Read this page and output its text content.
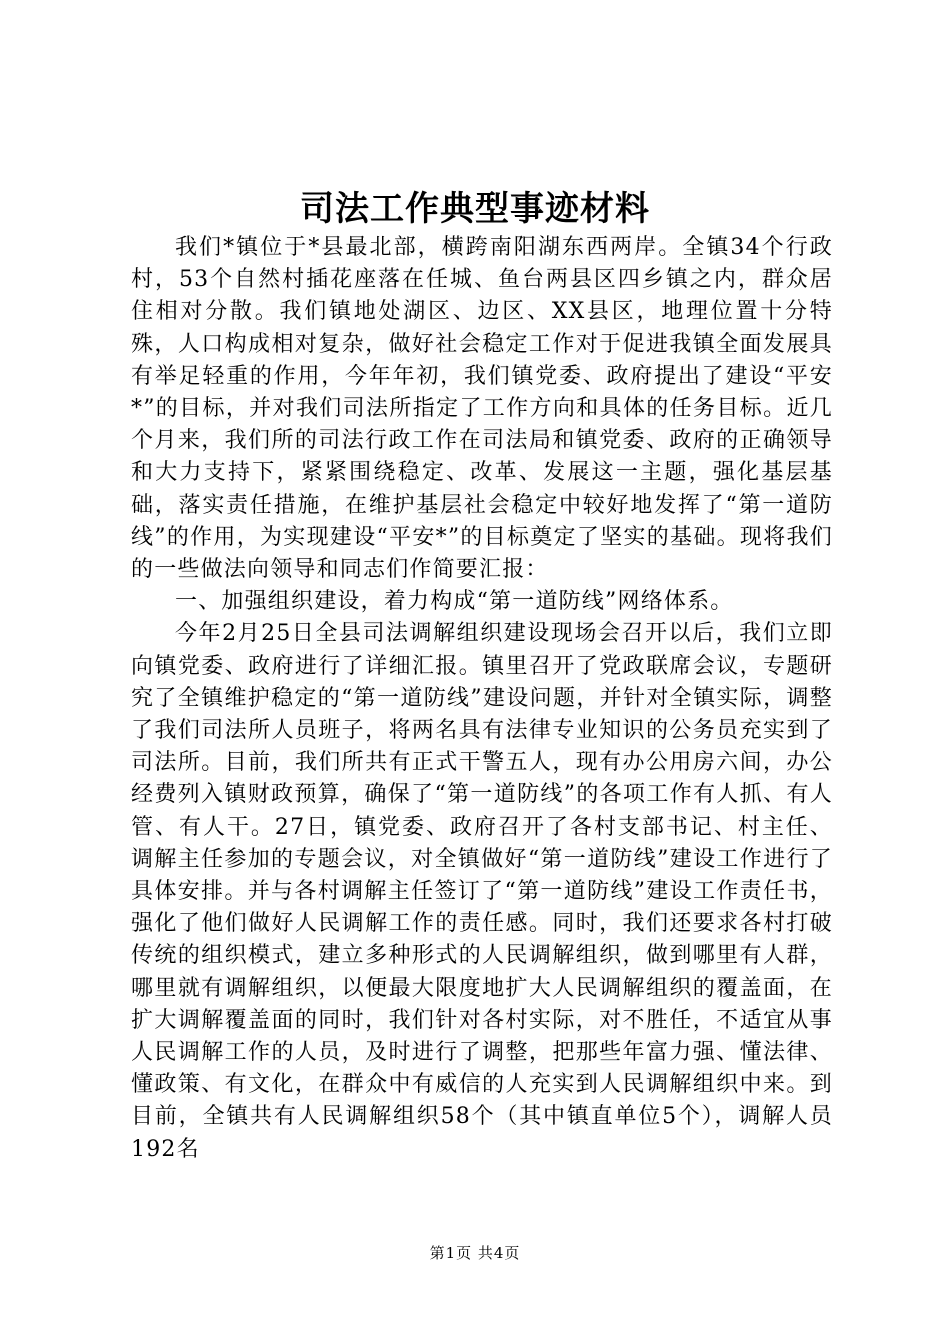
司法工作典型事迹材料

我们*镇位于*县最北部，横跨南阳湖东西两岸。全镇34个行政村，53个自然村插花座落在任城、鱼台两县区四乡镇之内，群众居住相对分散。我们镇地处湖区、边区、XX县区，地理位置十分特殊，人口构成相对复杂，做好社会稳定工作对于促进我镇全面发展具有举足轻重的作用，今年年初，我们镇党委、政府提出了建设“平安*”的目标，并对我们司法所指定了工作方向和具体的任务目标。近几个月来，我们所的司法行政工作在司法局和镇党委、政府的正确领导和大力支持下，紧紧围绕稳定、改革、发展这一主题，强化基层基础，落实责任措施，在维护基层社会稳定中较好地发挥了“第一道防线”的作用，为实现建设“平安*”的目标奠定了坚实的基础。现将我们的一些做法向领导和同志们作简要汇报：

一、加强组织建设，着力构成“第一道防线”网络体系。

今年2月25日全县司法调解组织建设现场会召开以后，我们立即向镇党委、政府进行了详细汇报。镇里召开了党政联席会议，专题研究了全镇维护稳定的“第一道防线”建设问题，并针对全镇实际，调整了我们司法所人员班子，将两名具有法律专业知识的公务员充实到了司法所。目前，我们所共有正式干警五人，现有办公用房六间，办公经费列入镇财政预算，确保了“第一道防线”的各项工作有人抓、有人管、有人干。27日，镇党委、政府召开了各村支部书记、村主任、调解主任参加的专题会议，对全镇做好“第一道防线”建设工作进行了具体安排。并与各村调解主任签订了“第一道防线”建设工作责任书，强化了他们做好人民调解工作的责任感。同时，我们还要求各村打破传统的组织模式，建立多种形式的人民调解组织，做到哪里有人群，哪里就有调解组织，以便最大限度地扩大人民调解组织的覆盖面，在扩大调解覆盖面的同时，我们针对各村实际，对不胜任，不适宜从事人民调解工作的人员，及时进行了调整，把那些年富力强、懂法律、懂政策、有文化，在群众中有威信的人充实到人民调解组织中来。到目前，全镇共有人民调解组织58个（其中镇直单位5个），调解人员192名

第1页 共4页
